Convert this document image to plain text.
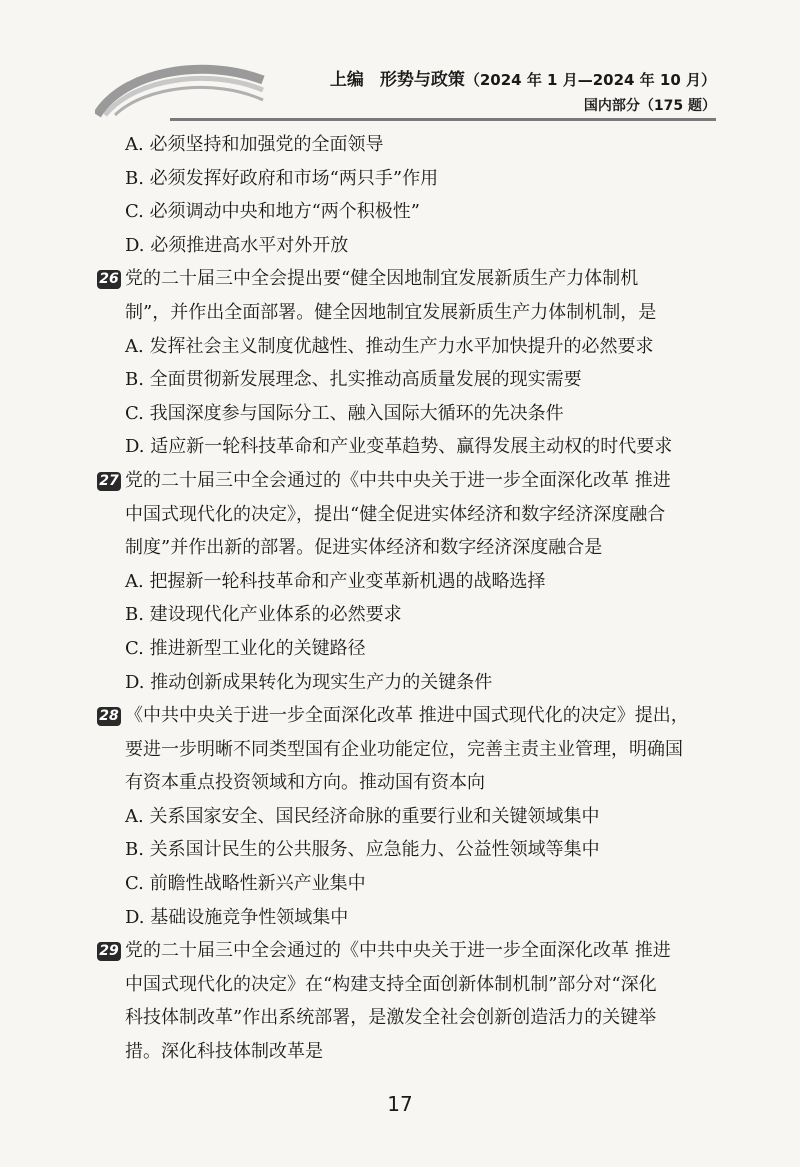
上编 形势与政策（2024 年 1 月—2024 年 10 月）
国内部分（175 题）
A. 必须坚持和加强党的全面领导
B. 必须发挥好政府和市场“两只手”作用
C. 必须调动中央和地方“两个积极性”
D. 必须推进高水平对外开放
26 党的二十届三中全会提出要“健全因地制宜发展新质生产力体制机
制”，并作出全面部署。健全因地制宜发展新质生产力体制机制，是
A. 发挥社会主义制度优越性、推动生产力水平加快提升的必然要求
B. 全面贯彻新发展理念、扎实推动高质量发展的现实需要
C. 我国深度参与国际分工、融入国际大循环的先决条件
D. 适应新一轮科技革命和产业变革趋势、赢得发展主动权的时代要求
27 党的二十届三中全会通过的《中共中央关于进一步全面深化改革 推进
中国式现代化的决定》，提出“健全促进实体经济和数字经济深度融合
制度”并作出新的部署。促进实体经济和数字经济深度融合是
A. 把握新一轮科技革命和产业变革新机遇的战略选择
B. 建设现代化产业体系的必然要求
C. 推进新型工业化的关键路径
D. 推动创新成果转化为现实生产力的关键条件
28 《中共中央关于进一步全面深化改革 推进中国式现代化的决定》提出，
要进一步明晰不同类型国有企业功能定位，完善主责主业管理，明确国
有资本重点投资领域和方向。推动国有资本向
A. 关系国家安全、国民经济命脉的重要行业和关键领域集中
B. 关系国计民生的公共服务、应急能力、公益性领域等集中
C. 前瞻性战略性新兴产业集中
D. 基础设施竞争性领域集中
29 党的二十届三中全会通过的《中共中央关于进一步全面深化改革 推进
中国式现代化的决定》在“构建支持全面创新体制机制”部分对“深化
科技体制改革”作出系统部署，是激发全社会创新创造活力的关键举
措。深化科技体制改革是
17
